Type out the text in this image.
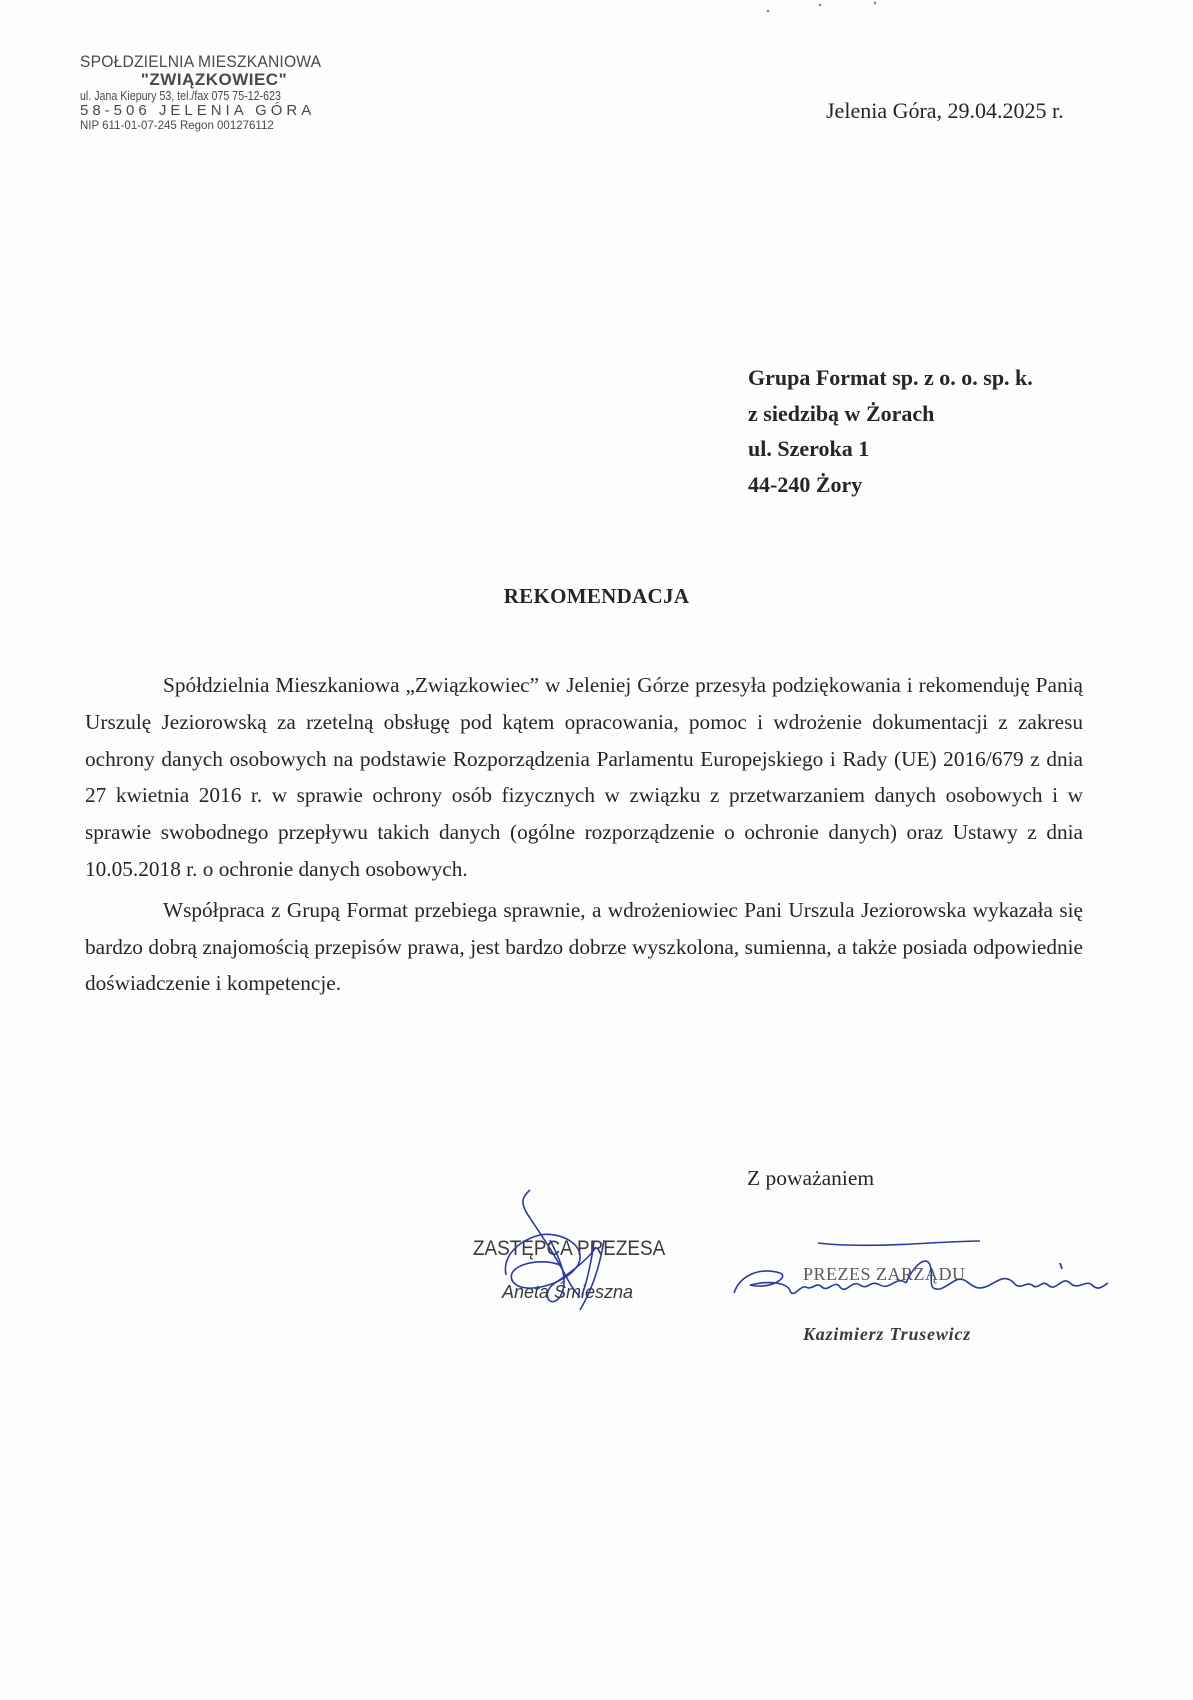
SPOŁDZIELNIA MIESZKANIOWA
"ZWIĄZKOWIEC"
ul. Jana Kiepury 53, tel./fax 075 75-12-623
58-506 JELENIA GÓRA
NIP 611-01-07-245 Regon 001276112
Jelenia Góra, 29.04.2025 r.
Grupa Format sp. z o. o. sp. k.
z siedzibą w Żorach
ul. Szeroka 1
44-240 Żory
REKOMENDACJA

Spółdzielnia Mieszkaniowa „Związkowiec” w Jeleniej Górze przesyła podziękowania i rekomenduję Panią Urszulę Jeziorowską za rzetelną obsługę pod kątem opracowania, pomoc i wdrożenie dokumentacji z zakresu ochrony danych osobowych na podstawie Rozporządzenia Parlamentu Europejskiego i Rady (UE) 2016/679 z dnia 27 kwietnia 2016 r. w sprawie ochrony osób fizycznych w związku z przetwarzaniem danych osobowych i w sprawie swobodnego przepływu takich danych (ogólne rozporządzenie o ochronie danych) oraz Ustawy z dnia 10.05.2018 r. o ochronie danych osobowych.

Współpraca z Grupą Format przebiega sprawnie, a wdrożeniowiec Pani Urszula Jeziorowska wykazała się bardzo dobrą znajomością przepisów prawa, jest bardzo dobrze wyszkolona, sumienna, a także posiada odpowiednie doświadczenie i kompetencje.

Z poważaniem
ZASTĘPCA PREZESA
Aneta Śmieszna
PREZES ZARZĄDU
Kazimierz Trusewicz
